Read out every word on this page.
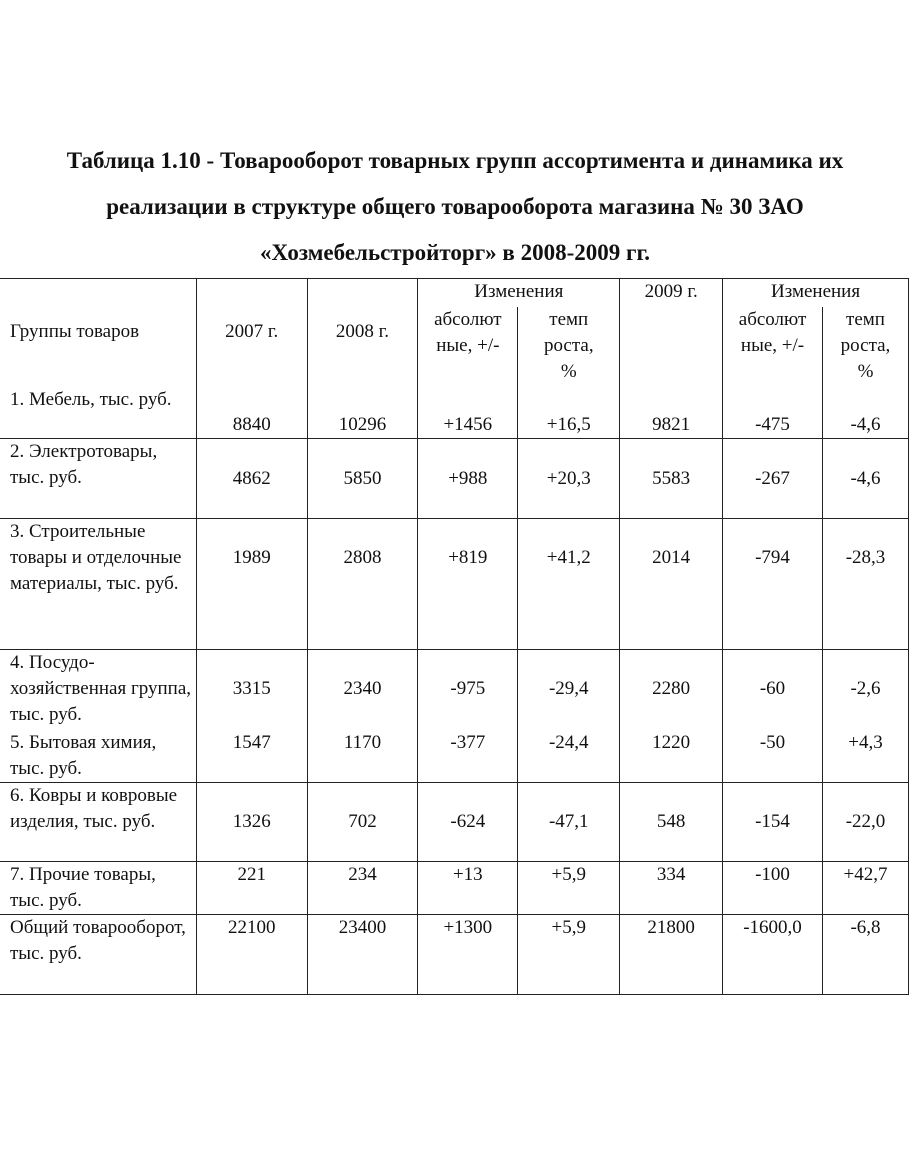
Таблица 1.10 - Товарооборот товарных групп ассортимента и динамика их
реализации в структуре общего товарооборота магазина № 30 ЗАО
«Хозмебельстройторг» в 2008-2009 гг.
Группы товаров	2007 г.	2008 г.	Изменения		2009 г.	Изменения	

			абсолют ные, +/-	темп роста, %		абсолют ные, +/-	темп роста, %

1. Мебель, тыс. руб.	8840	10296	+1456	+16,5	9821	-475	-4,6
2. Электротовары, тыс. руб.	4862	5850	+988	+20,3	5583	-267	-4,6
3. Строительные товары и отделочные материалы, тыс. руб.	1989	2808	+819	+41,2	2014	-794	-28,3

4. Посудо-хозяйственная группа, тыс. руб.	3315	2340	-975	-29,4	2280	-60	-2,6

5. Бытовая химия, тыс. руб.	1547	1170	-377	-24,4	1220	-50	+4,3
6. Ковры и ковровые изделия, тыс. руб.	1326	702	-624	-47,1	548	-154	-22,0
7. Прочие товары, тыс. руб.	221	234	+13	+5,9	334	-100	+42,7
Общий товарооборот, тыс. руб.	22100	23400	+1300	+5,9	21800	-1600,0	-6,8
